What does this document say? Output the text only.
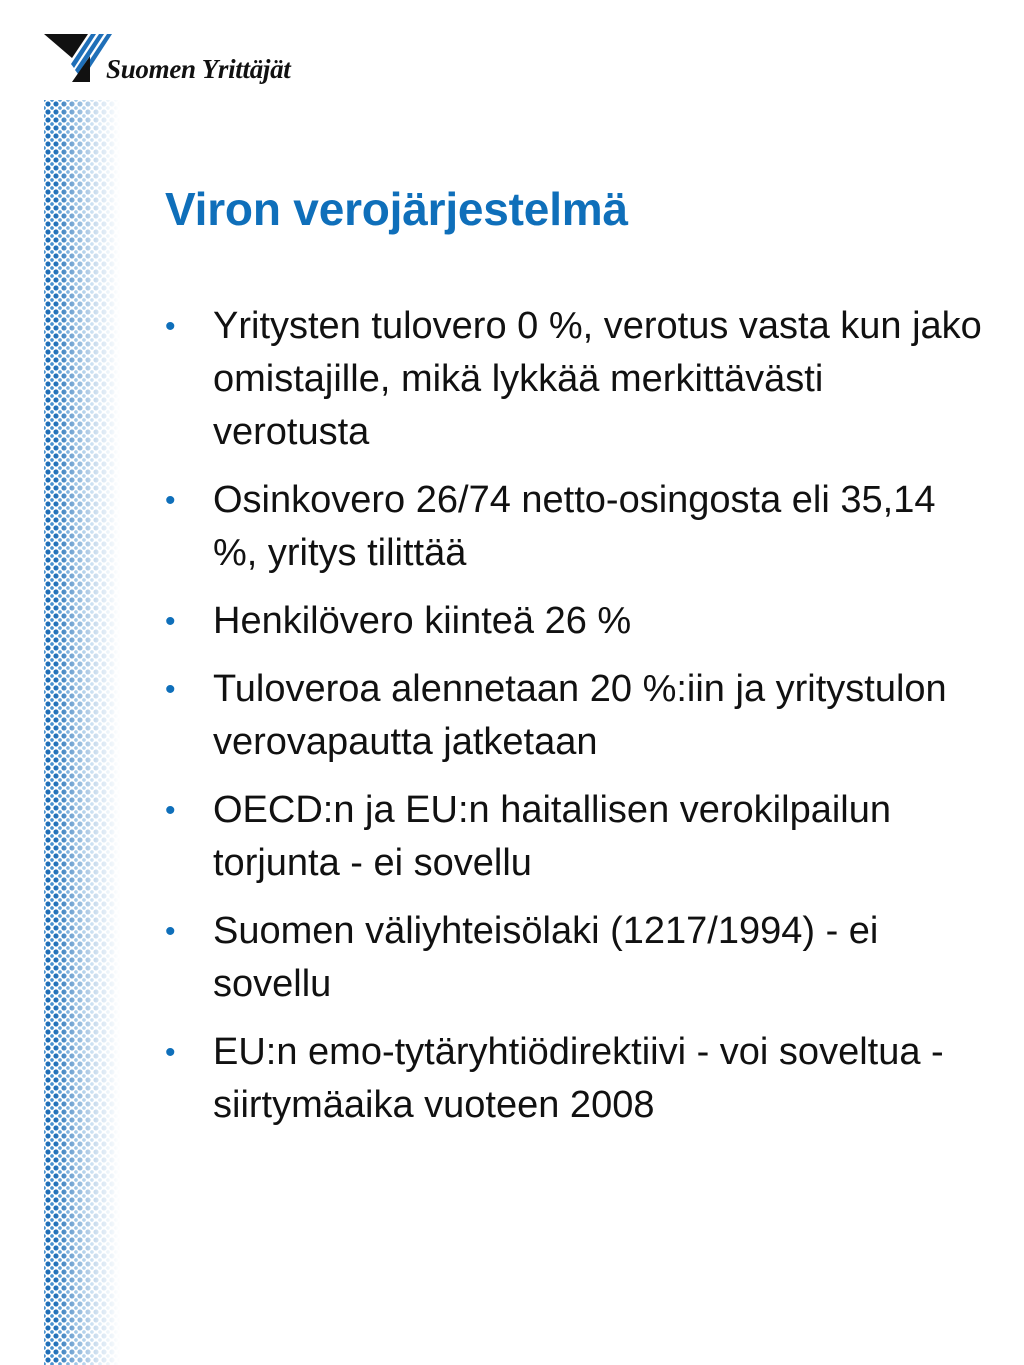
Suomen Yrittäjät
Viron verojärjestelmä
• Yritysten tulovero 0 %, verotus vasta kun jako omistajille, mikä lykkää merkittävästi verotusta
• Osinkovero 26/74 netto-osingosta eli 35,14 %, yritys tilittää
• Henkilövero kiinteä 26 %
• Tuloveroa alennetaan 20 %:iin ja yritystulon verovapautta jatketaan
• OECD:n ja EU:n haitallisen verokilpailun torjunta - ei sovellu
• Suomen väliyhteisölaki (1217/1994) - ei sovellu
• EU:n emo-tytäryhtiödirektiivi - voi soveltua -siirtymäaika vuoteen 2008
